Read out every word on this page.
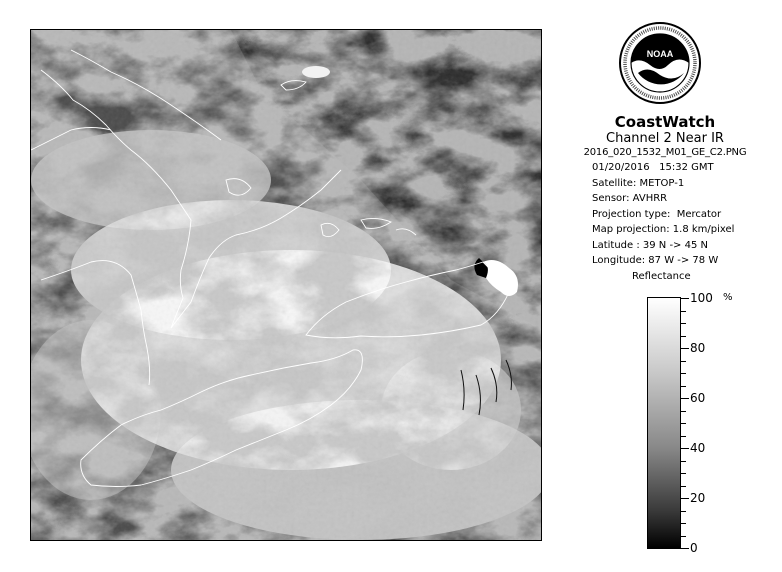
NOAA
CoastWatch
Channel 2 Near IR
2016_020_1532_M01_GE_C2.PNG
01/20/2016   15:32 GMT
Satellite: METOP-1
Sensor: AVHRR
Projection type:  Mercator
Map projection: 1.8 km/pixel
Latitude : 39 N -> 45 N
Longitude: 87 W -> 78 W
Reflectance
%
100
80
60
40
20
0
